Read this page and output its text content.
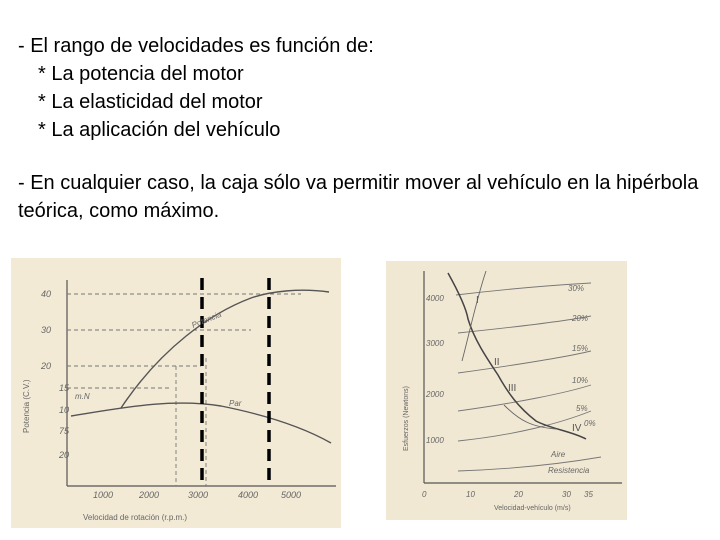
- El rango de velocidades es función de:

* La potencia del motor

* La elasticidad del motor

* La aplicación del vehículo

- En cualquier caso, la caja sólo va permitir mover al vehículo en la hipérbola teórica, como máximo.

40
30
20
15
10
75
20
1000	2000	3000	4000	5000
Velocidad de rotación (r.p.m.)
Potencia (C.V.)
Potencia
Par
m.N
I
II
III
IV
30%
20%
15%
10%
5%
0%
Aire
Resistencia
4000
3000
2000
1000
0	10	20	30 35
Velocidad-vehículo (m/s)
Esfuerzos (Newtons)
